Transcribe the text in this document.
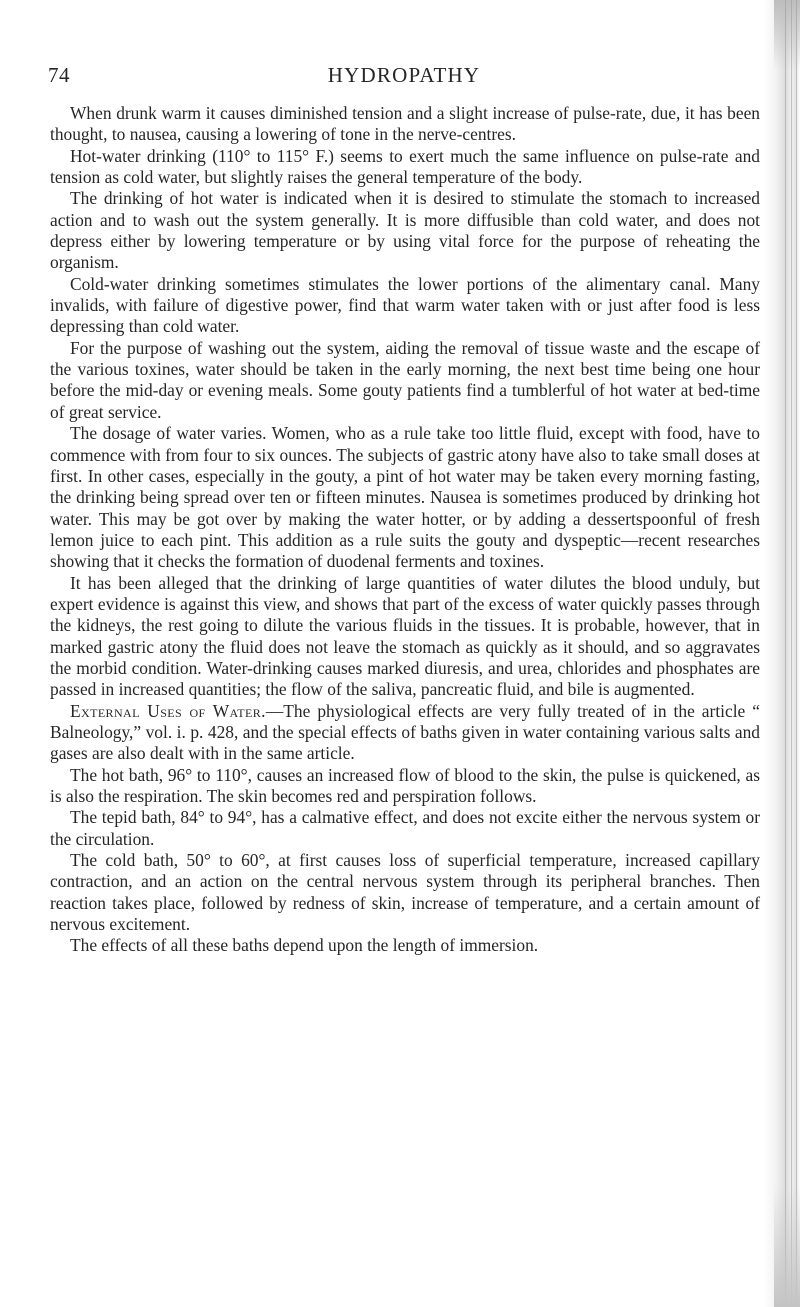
74	HYDROPATHY

When drunk warm it causes diminished tension and a slight increase of pulse-rate, due, it has been thought, to nausea, causing a lowering of tone in the nerve-centres.

Hot-water drinking (110° to 115° F.) seems to exert much the same influence on pulse-rate and tension as cold water, but slightly raises the general temperature of the body.

The drinking of hot water is indicated when it is desired to stimulate the stomach to increased action and to wash out the system generally. It is more diffusible than cold water, and does not depress either by lowering temperature or by using vital force for the purpose of reheating the organism.

Cold-water drinking sometimes stimulates the lower portions of the alimentary canal. Many invalids, with failure of digestive power, find that warm water taken with or just after food is less depressing than cold water.

For the purpose of washing out the system, aiding the removal of tissue waste and the escape of the various toxines, water should be taken in the early morning, the next best time being one hour before the mid-day or evening meals. Some gouty patients find a tumblerful of hot water at bed-time of great service.

The dosage of water varies. Women, who as a rule take too little fluid, except with food, have to commence with from four to six ounces. The subjects of gastric atony have also to take small doses at first. In other cases, especially in the gouty, a pint of hot water may be taken every morning fasting, the drinking being spread over ten or fifteen minutes. Nausea is sometimes produced by drinking hot water. This may be got over by making the water hotter, or by adding a dessertspoonful of fresh lemon juice to each pint. This addition as a rule suits the gouty and dyspeptic—recent researches showing that it checks the formation of duodenal ferments and toxines.

It has been alleged that the drinking of large quantities of water dilutes the blood unduly, but expert evidence is against this view, and shows that part of the excess of water quickly passes through the kidneys, the rest going to dilute the various fluids in the tissues. It is probable, however, that in marked gastric atony the fluid does not leave the stomach as quickly as it should, and so aggravates the morbid condition. Water-drinking causes marked diuresis, and urea, chlorides and phosphates are passed in increased quantities; the flow of the saliva, pancreatic fluid, and bile is augmented.

External Uses of Water.—The physiological effects are very fully treated of in the article “ Balneology,” vol. i. p. 428, and the special effects of baths given in water containing various salts and gases are also dealt with in the same article.

The hot bath, 96° to 110°, causes an increased flow of blood to the skin, the pulse is quickened, as is also the respiration. The skin becomes red and perspiration follows.

The tepid bath, 84° to 94°, has a calmative effect, and does not excite either the nervous system or the circulation.

The cold bath, 50° to 60°, at first causes loss of superficial temperature, increased capillary contraction, and an action on the central nervous system through its peripheral branches. Then reaction takes place, followed by redness of skin, increase of temperature, and a certain amount of nervous excitement.

The effects of all these baths depend upon the length of immersion.
